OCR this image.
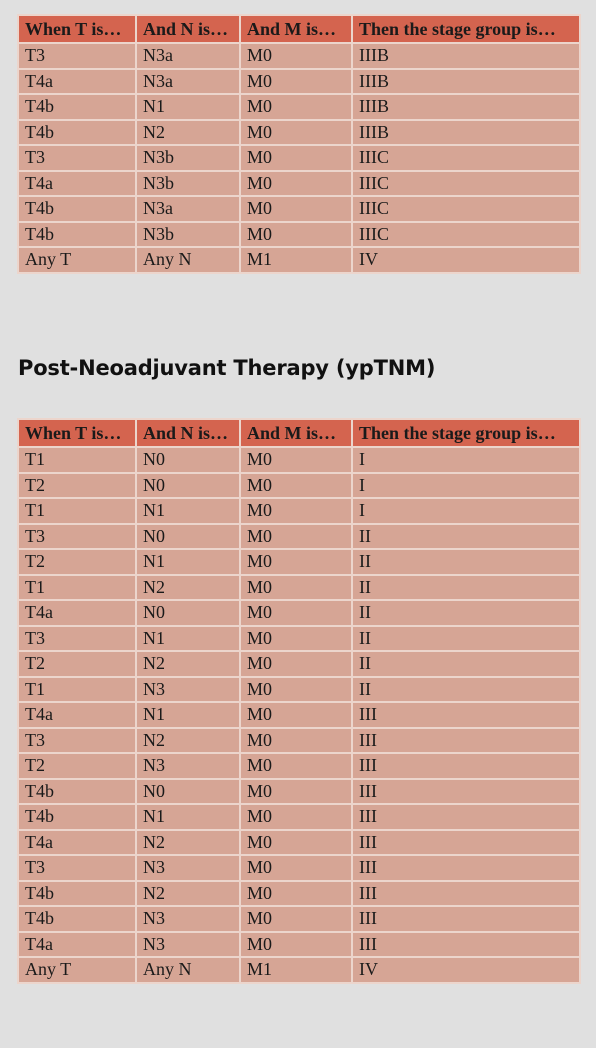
When T is…	And N is…	And M is…	Then the stage group is…
T3	N3a	M0	IIIB
T4a	N3a	M0	IIIB
T4b	N1	M0	IIIB
T4b	N2	M0	IIIB
T3	N3b	M0	IIIC
T4a	N3b	M0	IIIC
T4b	N3a	M0	IIIC
T4b	N3b	M0	IIIC
Any T	Any N	M1	IV
Post-Neoadjuvant Therapy (ypTNM)
When T is…	And N is…	And M is…	Then the stage group is…
T1	N0	M0	I
T2	N0	M0	I
T1	N1	M0	I
T3	N0	M0	II
T2	N1	M0	II
T1	N2	M0	II
T4a	N0	M0	II
T3	N1	M0	II
T2	N2	M0	II
T1	N3	M0	II
T4a	N1	M0	III
T3	N2	M0	III
T2	N3	M0	III
T4b	N0	M0	III
T4b	N1	M0	III
T4a	N2	M0	III
T3	N3	M0	III
T4b	N2	M0	III
T4b	N3	M0	III
T4a	N3	M0	III
Any T	Any N	M1	IV
